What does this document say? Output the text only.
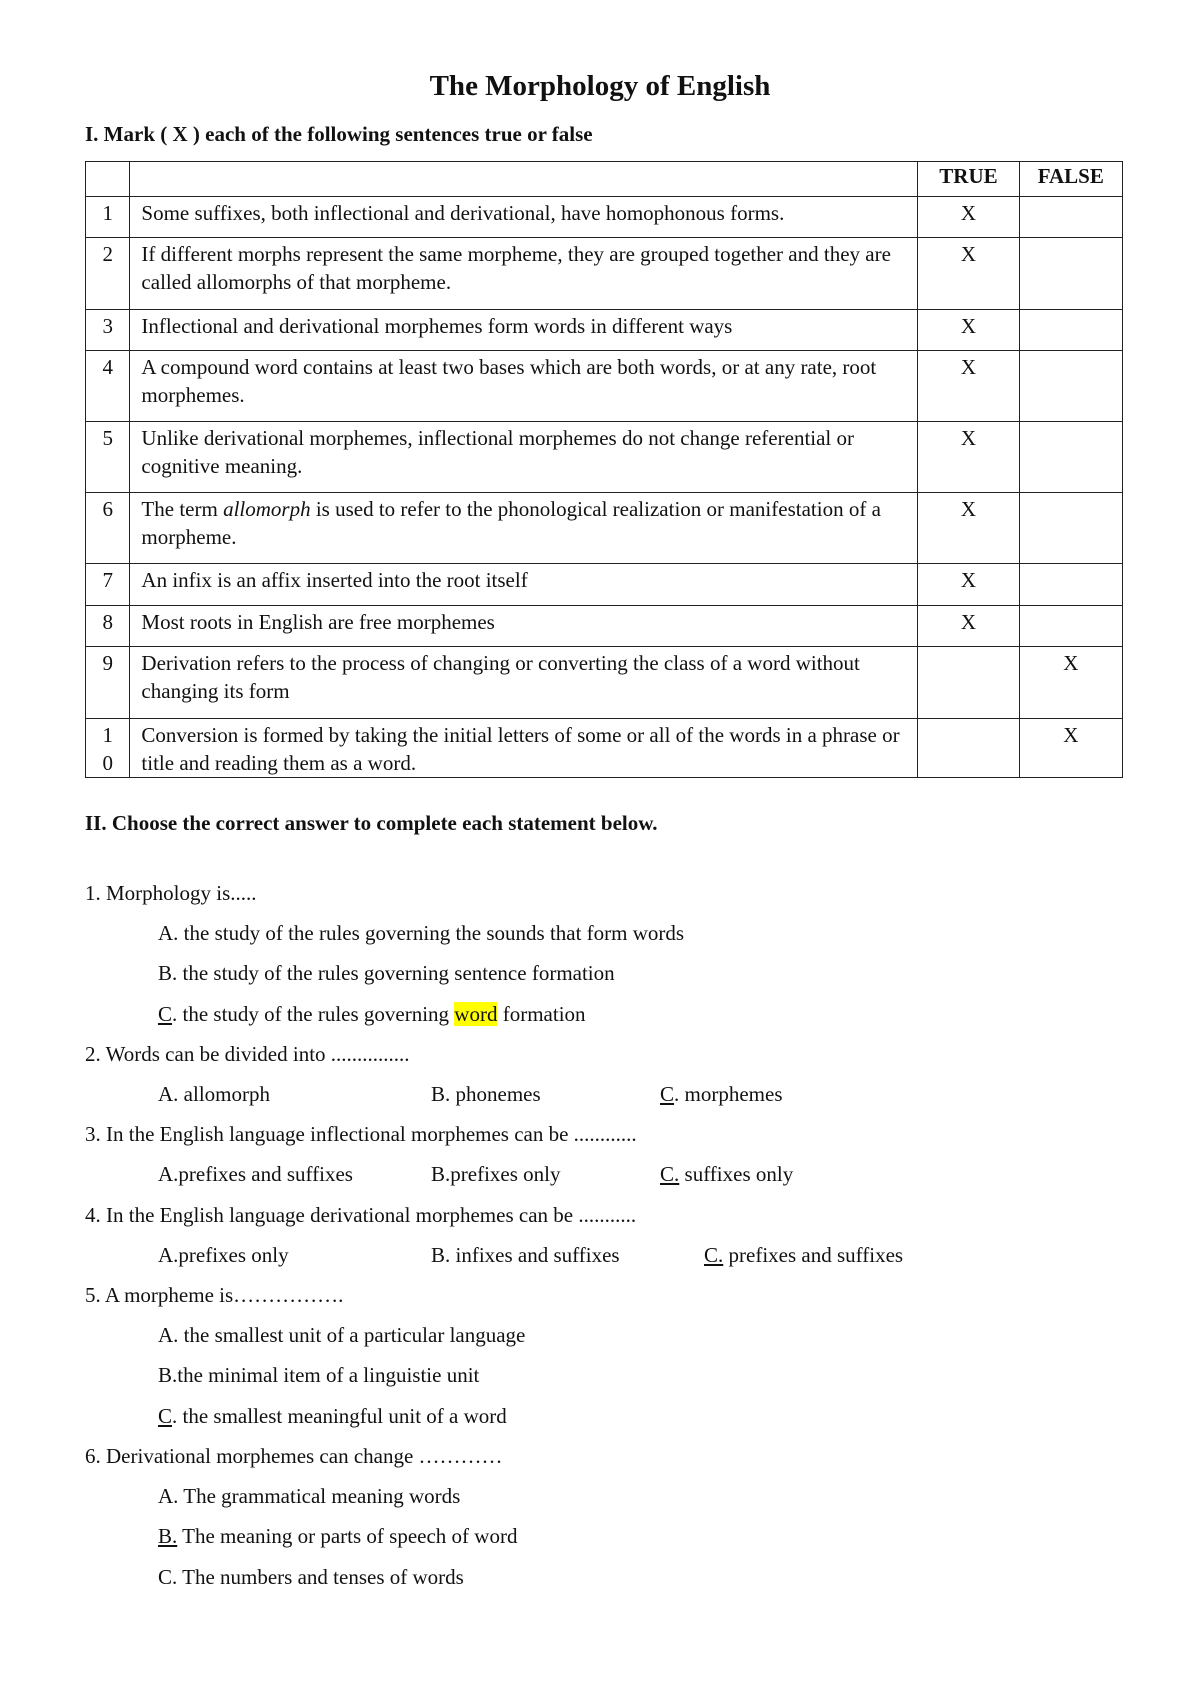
The Morphology of English
I. Mark ( X ) each of the following sentences true or false
		TRUE	FALSE
1	Some suffixes, both inflectional and derivational, have homophonous forms.	X	
2	If different morphs represent the same morpheme, they are grouped together and they are called allomorphs of that morpheme.	X	
3	Inflectional and derivational morphemes form words in different ways	X	
4	A compound word contains at least two bases which are both words, or at any rate, root morphemes.	X	
5	Unlike derivational morphemes, inflectional morphemes do not change referential or cognitive meaning.	X	
6	The term allomorph is used to refer to the phonological realization or manifestation of a morpheme.	X	
7	An infix is an affix inserted into the root itself	X	
8	Most roots in English are free morphemes	X	
9	Derivation refers to the process of changing or converting the class of a word without changing its form		X

1
0	Conversion is formed by taking the initial letters of some or all of the words in a phrase or title and reading them as a word.		X
II. Choose the correct answer to complete each statement below.
1. Morphology is.....
A. the study of the rules governing the sounds that form words
B. the study of the rules governing sentence formation
C. the study of the rules governing word formation
2. Words can be divided into ...............
A. allomorph	B. phonemes	C. morphemes
3. In the English language inflectional morphemes can be ............
A.prefixes and suffixes	B.prefixes only	C. suffixes only
4. In the English language derivational morphemes can be ...........
A.prefixes only	B. infixes and suffixes	C. prefixes and suffixes
5. A morpheme is…………….
A. the smallest unit of a particular language
B.the minimal item of a linguistie unit
C. the smallest meaningful unit of a word
6. Derivational morphemes can change …………
A. The grammatical meaning words
B. The meaning or parts of speech of word
C. The numbers and tenses of words
